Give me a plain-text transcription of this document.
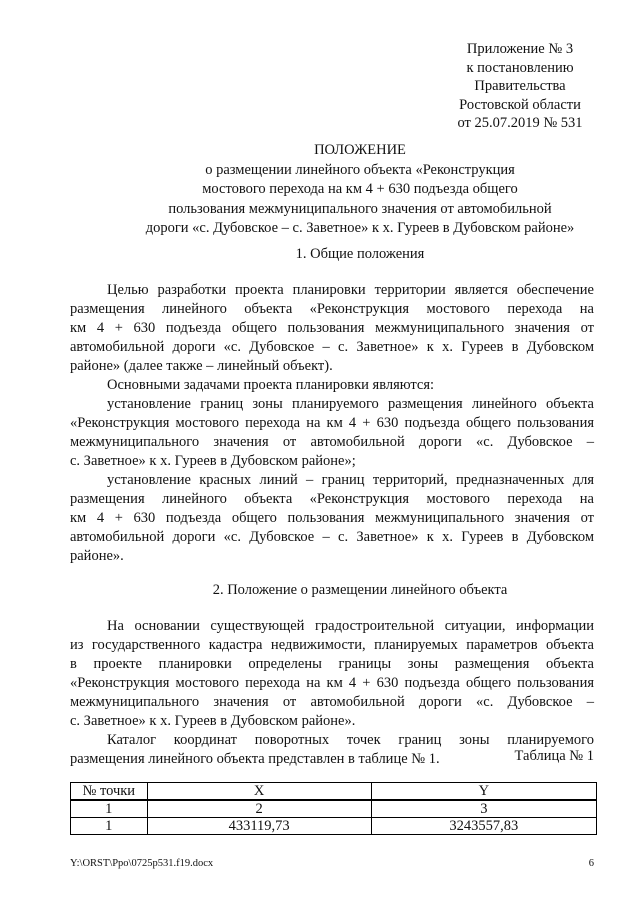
Приложение № 3
к постановлению
Правительства
Ростовской области
от 25.07.2019 № 531
ПОЛОЖЕНИЕ
о размещении линейного объекта «Реконструкция
мостового перехода на км 4 + 630 подъезда общего
пользования межмуниципального значения от автомобильной
дороги «с. Дубовское – с. Заветное» к х. Гуреев в Дубовском районе»
1. Общие положения
Целью разработки проекта планировки территории является обеспечение
размещения линейного объекта «Реконструкция мостового перехода на
км 4 + 630 подъезда общего пользования межмуниципального значения от
автомобильной дороги «с. Дубовское – с. Заветное» к х. Гуреев в Дубовском
районе» (далее также – линейный объект).
Основными задачами проекта планировки являются:
установление границ зоны планируемого размещения линейного объекта
«Реконструкция мостового перехода на км 4 + 630 подъезда общего пользования
межмуниципального значения от автомобильной дороги «с. Дубовское –
с. Заветное» к х. Гуреев в Дубовском районе»;
установление красных линий – границ территорий, предназначенных для
размещения линейного объекта «Реконструкция мостового перехода на
км 4 + 630 подъезда общего пользования межмуниципального значения от
автомобильной дороги «с. Дубовское – с. Заветное» к х. Гуреев в Дубовском
районе».
2. Положение о размещении линейного объекта
На основании существующей градостроительной ситуации, информации
из государственного кадастра недвижимости, планируемых параметров объекта
в проекте планировки определены границы зоны размещения объекта
«Реконструкция мостового перехода на км 4 + 630 подъезда общего пользования
межмуниципального значения от автомобильной дороги «с. Дубовское –
с. Заветное» к х. Гуреев в Дубовском районе».
Каталог координат поворотных точек границ зоны планируемого
размещения линейного объекта представлен в таблице № 1.	Таблица № 1
№ точки	X	Y
1	2	3
1	433119,73	3243557,83
Y:\ORST\Ppo\0725p531.f19.docx	6
